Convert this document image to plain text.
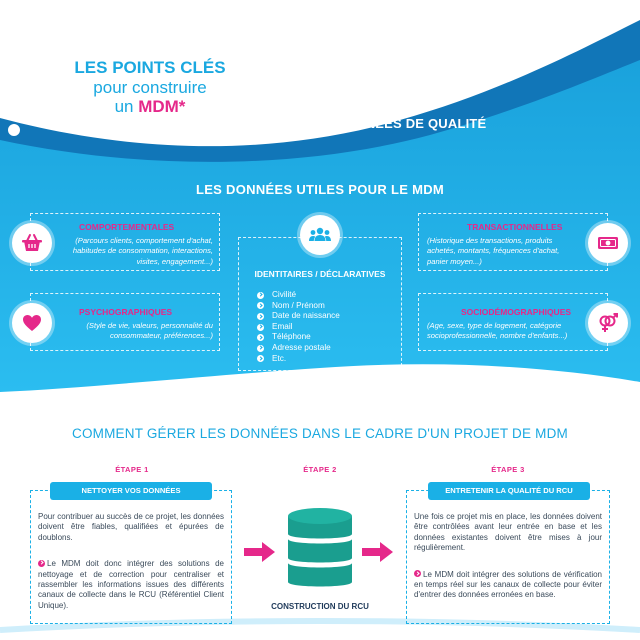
LES POINTS CLÉS
pour construire
un MDM*
AVEC DES DONNÉES DE QUALITÉ
LES DONNÉES UTILES POUR LE MDM
COMPORTEMENTALES
(Parcours clients, comportement d'achat, habitudes de consommation, interactions, visites, engagement...)
PSYCHOGRAPHIQUES
(Style de vie, valeurs, personnalité du consommateur, préférences...)
IDENTITAIRES / DÉCLARATIVES
Civilité
Nom / Prénom
Date de naissance
Email
Téléphone
Adresse postale
Etc.
TRANSACTIONNELLES
(Historique des transactions, produits achetés, montants, fréquences d'achat, panier moyen...)
SOCIODÉMOGRAPHIQUES
(Age, sexe, type de logement, catégorie socioprofessionnelle, nombre d'enfants...)
COMMENT GÉRER LES DONNÉES DANS LE CADRE D'UN PROJET DE MDM
ÉTAPE 1	ÉTAPE 2	ÉTAPE 3
NETTOYER VOS DONNÉES
Pour contribuer au succès de ce projet, les données doivent être fiables, qualifiées et épurées de doublons.
Le MDM doit donc intégrer des solutions de nettoyage et de correction pour centraliser et rassembler les informations issues des différents canaux de collecte dans le RCU (Référentiel Client Unique).	CONSTRUCTION DU RCU
ENTRETENIR LA QUALITÉ DU RCU
Une fois ce projet mis en place, les données doivent être contrôlées avant leur entrée en base et les données existantes doivent être mises à jour régulièrement.
Le MDM doit intégrer des solutions de vérification en temps réel sur les canaux de collecte pour éviter d'entrer des données erronées en base.
